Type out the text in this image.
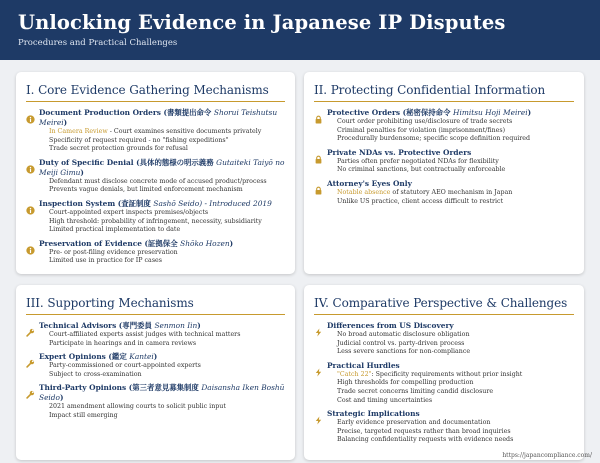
Unlocking Evidence in Japanese IP Disputes
Procedures and Practical Challenges
I. Core Evidence Gathering Mechanisms
Document Production Orders (書類提出命令 Shorui Teishutsu Meirei)
In Camera Review - Court examines sensitive documents privately
Specificity of request required - no "fishing expeditions"
Trade secret protection grounds for refusal
Duty of Specific Denial (具体的態様の明示義務 Gutaiteki Taiyō no Meiji Gimu)
Defendant must disclose concrete mode of accused product/process
Prevents vague denials, but limited enforcement mechanism
Inspection System (査証制度 Sashō Seido) - Introduced 2019
Court-appointed expert inspects premises/objects
High threshold: probability of infringement, necessity, subsidiarity
Limited practical implementation to date
Preservation of Evidence (証拠保全 Shōko Hozen)
Pre- or post-filing evidence preservation
Limited use in practice for IP cases
II. Protecting Confidential Information
Protective Orders (秘密保持命令 Himitsu Hoji Meirei)
Court order prohibiting use/disclosure of trade secrets
Criminal penalties for violation (imprisonment/fines)
Procedurally burdensome; specific scope definition required
Private NDAs vs. Protective Orders
Parties often prefer negotiated NDAs for flexibility
No criminal sanctions, but contractually enforceable
Attorney's Eyes Only
Notable absence of statutory AEO mechanism in Japan
Unlike US practice, client access difficult to restrict
III. Supporting Mechanisms
Technical Advisors (専門委員 Senmon Iin)
Court-affiliated experts assist judges with technical matters
Participate in hearings and in camera reviews
Expert Opinions (鑑定 Kantei)
Party-commissioned or court-appointed experts
Subject to cross-examination
Third-Party Opinions (第三者意見募集制度 Daisansha Iken Boshū Seido)
2021 amendment allowing courts to solicit public input
Impact still emerging
IV. Comparative Perspective & Challenges
Differences from US Discovery
No broad automatic disclosure obligation
Judicial control vs. party-driven process
Less severe sanctions for non-compliance
Practical Hurdles
"Catch 22": Specificity requirements without prior insight
High thresholds for compelling production
Trade secret concerns limiting candid disclosure
Cost and timing uncertainties
Strategic Implications
Early evidence preservation and documentation
Precise, targeted requests rather than broad inquiries
Balancing confidentiality requests with evidence needs
https://japancompliance.com/
